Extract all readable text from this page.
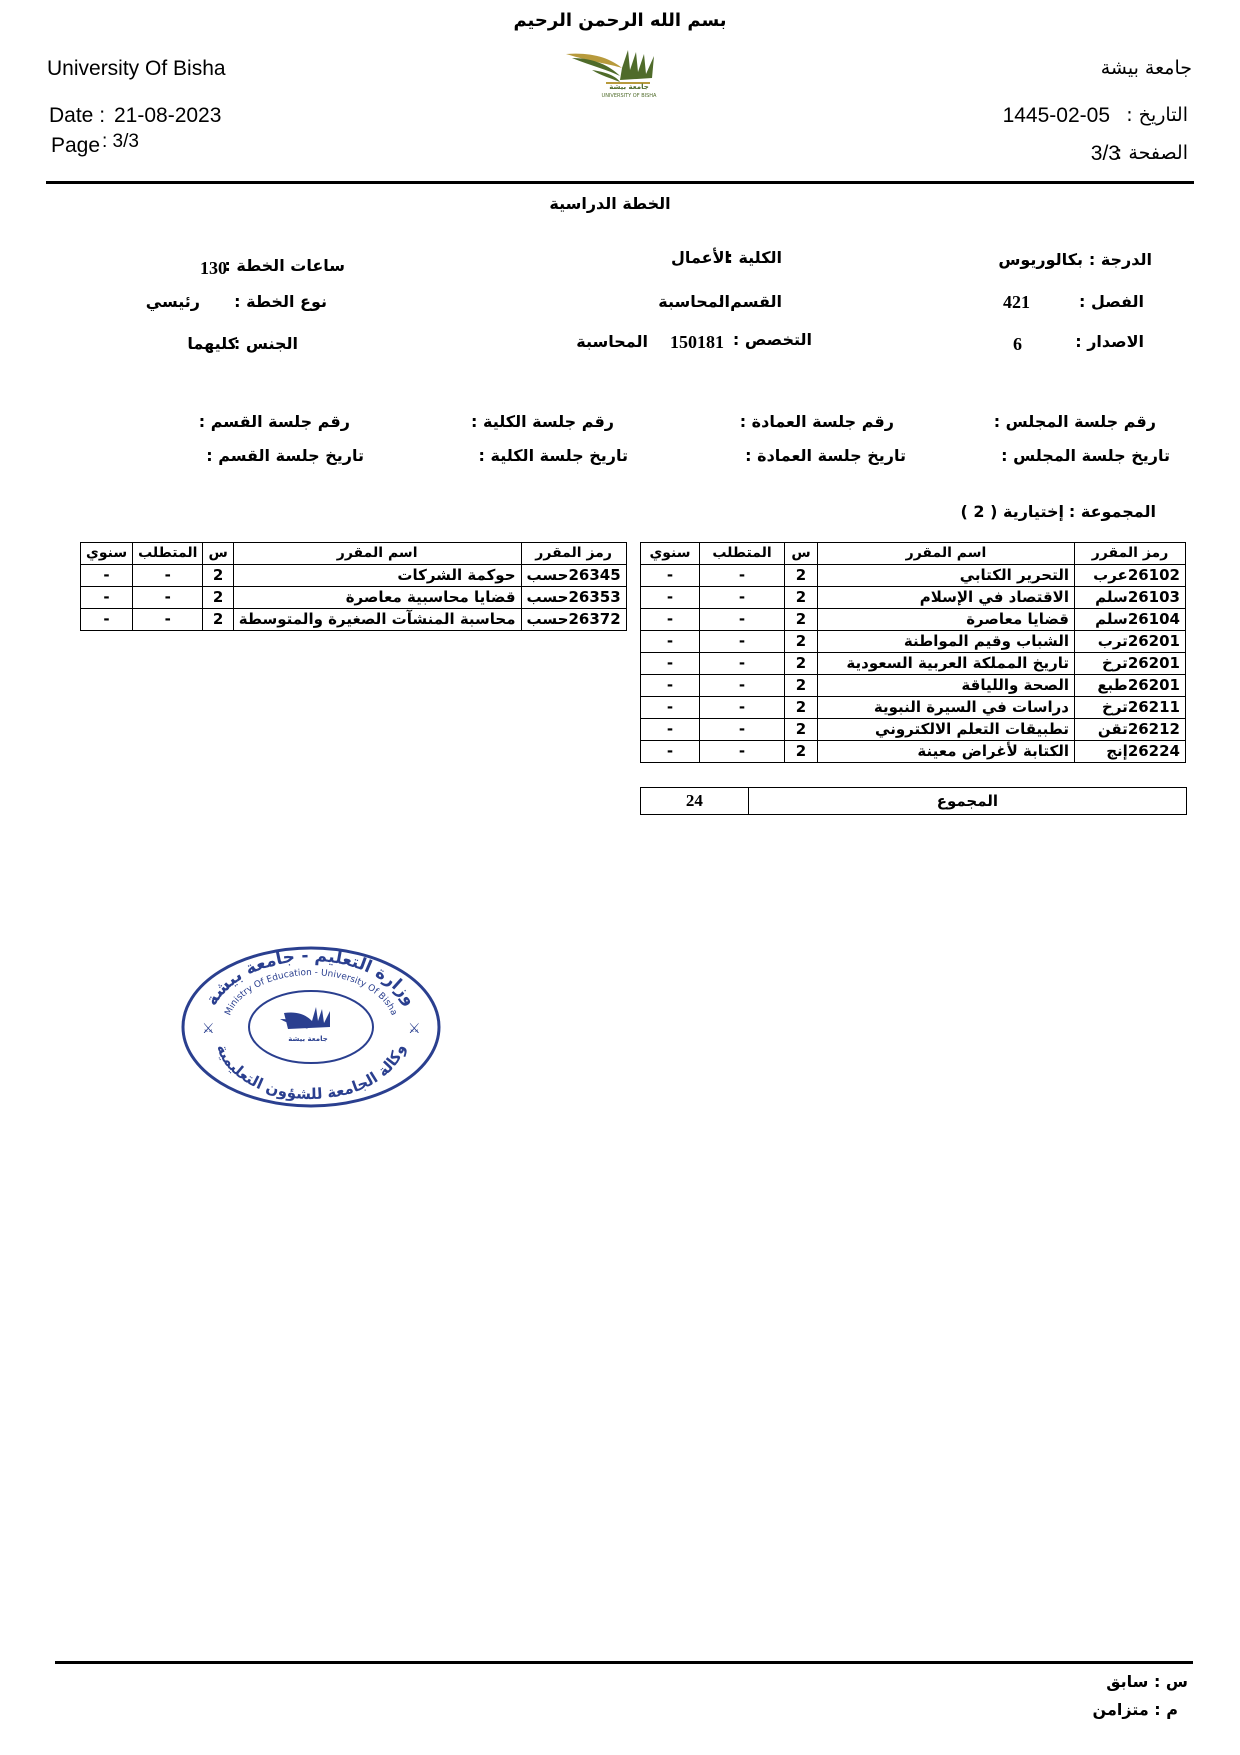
بسم الله الرحمن الرحيم
University Of Bisha	جامعة بيشة
جامعة بيشة
UNIVERSITY OF BISHA
Date : 21-08-2023
Page : 3/3
التاريخ :
1445-02-05
الصفحة :
3/3
الخطة الدراسية
الدرجة :
بكالوريوس
الفصل :
421
الاصدار :
6
الكلية :
الأعمال
القسم :
المحاسبة
التخصص :
150181
المحاسبة
ساعات الخطة :
130
نوع الخطة :
رئيسي
الجنس :
كليهما
رقم جلسة المجلس :
رقم جلسة العمادة :
رقم جلسة الكلية :
رقم جلسة القسم :
تاريخ جلسة المجلس :
تاريخ جلسة العمادة :
تاريخ جلسة الكلية :
تاريخ جلسة القسم :
المجموعة :
إختيارية ( 2 )
رمز المقرر	اسم المقرر	س	المتطلب	سنوي
26102عرب	التحرير الكتابي	2	-	-
26103سلم	الاقتصاد في الإسلام	2	-	-
26104سلم	قضايا معاصرة	2	-	-
26201ترب	الشباب وقيم المواطنة	2	-	-
26201ترخ	تاريخ المملكة العربية السعودية	2	-	-
26201طبع	الصحة واللياقة	2	-	-
26211ترخ	دراسات في السيرة النبوية	2	-	-
26212تقن	تطبيقات التعلم الالكتروني	2	-	-
26224إنج	الكتابة لأغراض معينة	2	-	-
المجموع
24
رمز المقرر	اسم المقرر	س	المتطلب	سنوي
26345حسب	حوكمة الشركات	2	-	-
26353حسب	قضايا محاسبية معاصرة	2	-	-
26372حسب	محاسبة المنشآت الصغيرة والمتوسطة	2	-	-
وزارة التعليم - جامعة بيشة
Ministry Of Education - University Of Bisha
وكالة الجامعة للشؤون التعليمية
جامعة بيشة
⚔	⚔
س : سابق
م : متزامن
